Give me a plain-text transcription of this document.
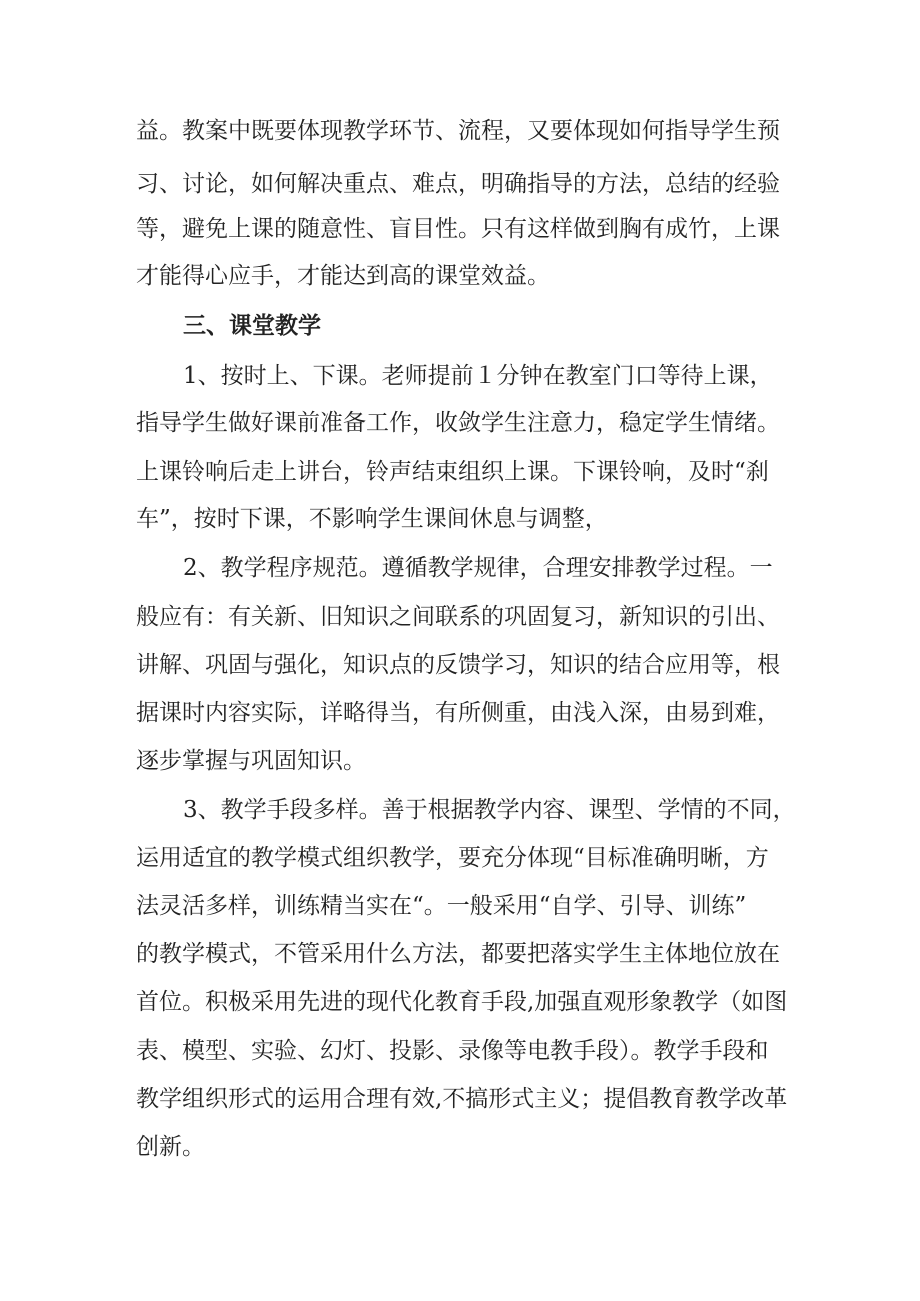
益。教案中既要体现教学环节、流程，又要体现如何指导学生预
习、讨论，如何解决重点、难点，明确指导的方法，总结的经验
等，避免上课的随意性、盲目性。只有这样做到胸有成竹，上课
才能得心应手，才能达到高的课堂效益。
三、课堂教学
1、按时上、下课。老师提前１分钟在教室门口等待上课，
指导学生做好课前准备工作，收敛学生注意力，稳定学生情绪。
上课铃响后走上讲台，铃声结束组织上课。下课铃响，及时“刹
车”，按时下课，不影响学生课间休息与调整，
2、教学程序规范。遵循教学规律，合理安排教学过程。一
般应有：有关新、旧知识之间联系的巩固复习，新知识的引出、
讲解、巩固与强化，知识点的反馈学习，知识的结合应用等，根
据课时内容实际，详略得当，有所侧重，由浅入深，由易到难，
逐步掌握与巩固知识。
3、教学手段多样。善于根据教学内容、课型、学情的不同，
运用适宜的教学模式组织教学，要充分体现“目标准确明晰，方
法灵活多样，训练精当实在“。一般采用“自学、引导、训练”
的教学模式，不管采用什么方法，都要把落实学生主体地位放在
首位。积极采用先进的现代化教育手段,加强直观形象教学（如图
表、模型、实验、幻灯、投影、录像等电教手段）。教学手段和
教学组织形式的运用合理有效,不搞形式主义；提倡教育教学改革
创新。
